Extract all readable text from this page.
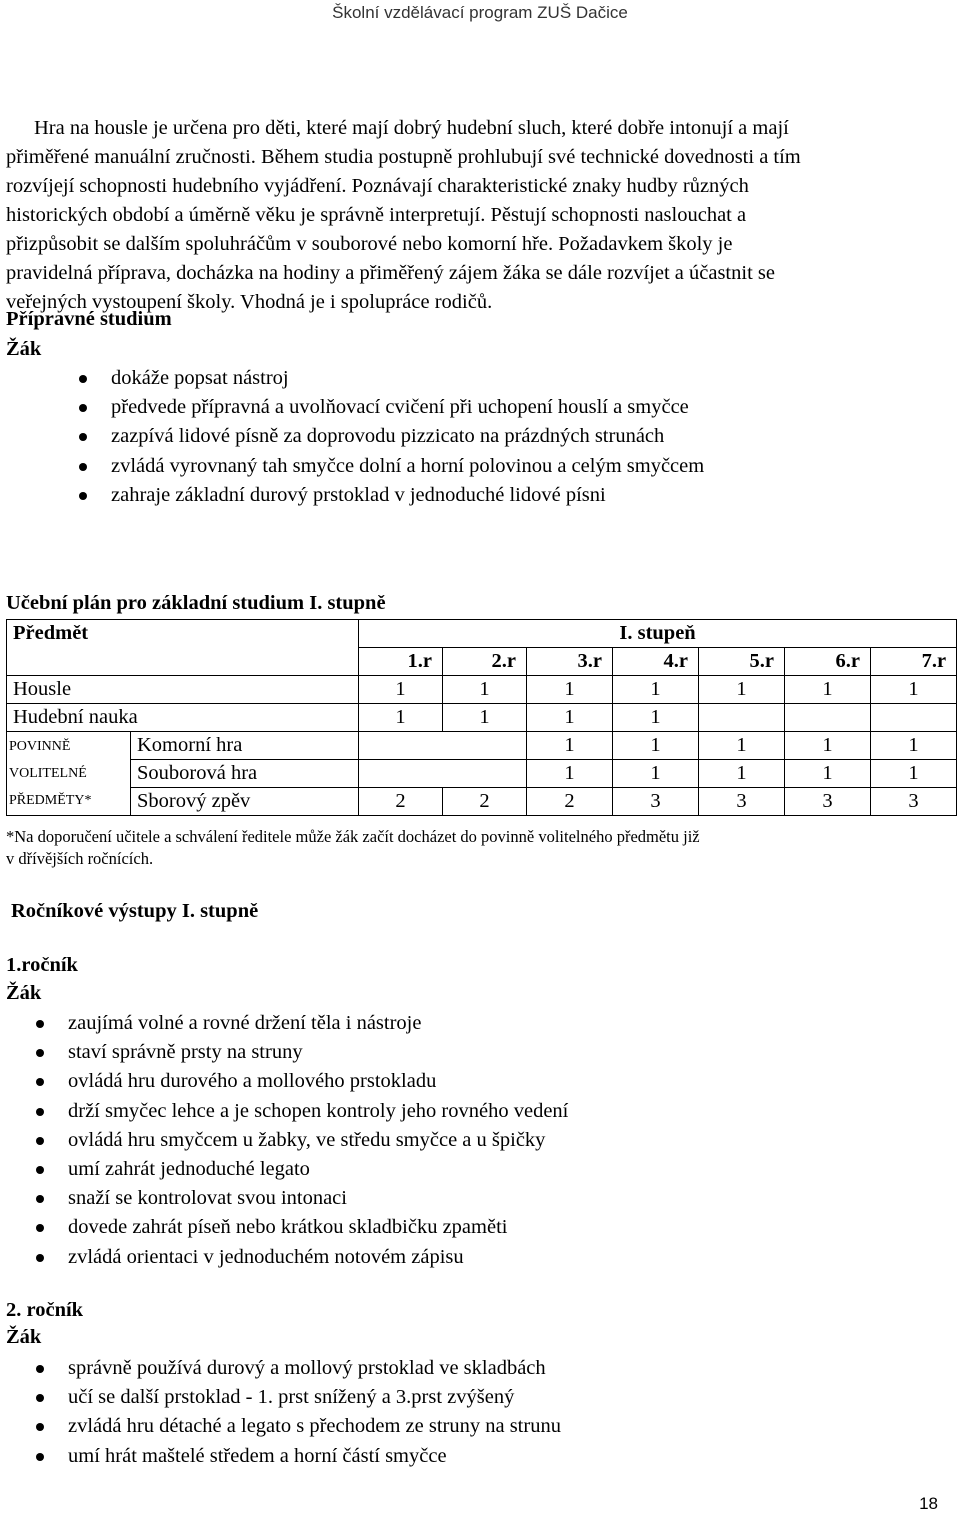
Školní vzdělávací program ZUŠ Dačice
Hra na housle je určena pro děti, které mají dobrý hudební sluch, které dobře intonují a mají
přiměřené manuální zručnosti. Během studia postupně prohlubují své technické dovednosti a tím
rozvíjejí schopnosti hudebního vyjádření. Poznávají charakteristické znaky hudby různých
historických období a úměrně věku je správně interpretují. Pěstují schopnosti naslouchat a
přizpůsobit se dalším spoluhráčům v souborové nebo komorní hře. Požadavkem školy je
pravidelná příprava, docházka na hodiny a přiměřený zájem žáka se dále rozvíjet a účastnit se
veřejných vystoupení školy. Vhodná je i spolupráce rodičů.
Přípravné studium
Žák
dokáže popsat nástroj
předvede přípravná a uvolňovací cvičení při uchopení houslí a smyčce
zazpívá lidové písně za doprovodu pizzicato na prázdných strunách
zvládá vyrovnaný tah smyčce dolní a horní polovinou a celým smyčcem
zahraje základní durový prstoklad v jednoduché lidové písni
Učební plán pro základní studium I. stupně
Předmět		I. stupeň						
		1.r	2.r	3.r	4.r	5.r	6.r	7.r
Housle		1	1	1	1	1	1	1
Hudební nauka		1	1	1	1			

POVINNĚ
VOLITELNÉ
PŘEDMĚTY*	Komorní hra			1	1	1	1	1
	Souborová hra			1	1	1	1	1
	Sborový zpěv	2	2	2	3	3	3	3
*Na doporučení učitele a schválení ředitele může žák začít docházet do povinně volitelného předmětu již
v dřívějších ročnících.
Ročníkové výstupy I. stupně
1.ročník
Žák
zaujímá volné a rovné držení těla i nástroje
staví správně prsty na struny
ovládá hru durového a mollového prstokladu
drží smyčec lehce a je schopen kontroly jeho rovného vedení
ovládá hru smyčcem u žabky, ve středu smyčce a u špičky
umí zahrát jednoduché legato
snaží se kontrolovat svou intonaci
dovede zahrát píseň nebo krátkou skladbičku zpaměti
zvládá orientaci v jednoduchém notovém zápisu
2. ročník
Žák
správně používá durový a mollový prstoklad ve skladbách
učí se další prstoklad - 1. prst snížený a 3.prst zvýšený
zvládá hru détaché a legato s přechodem ze struny na strunu
umí hrát maštelé středem a horní částí smyčce
18
